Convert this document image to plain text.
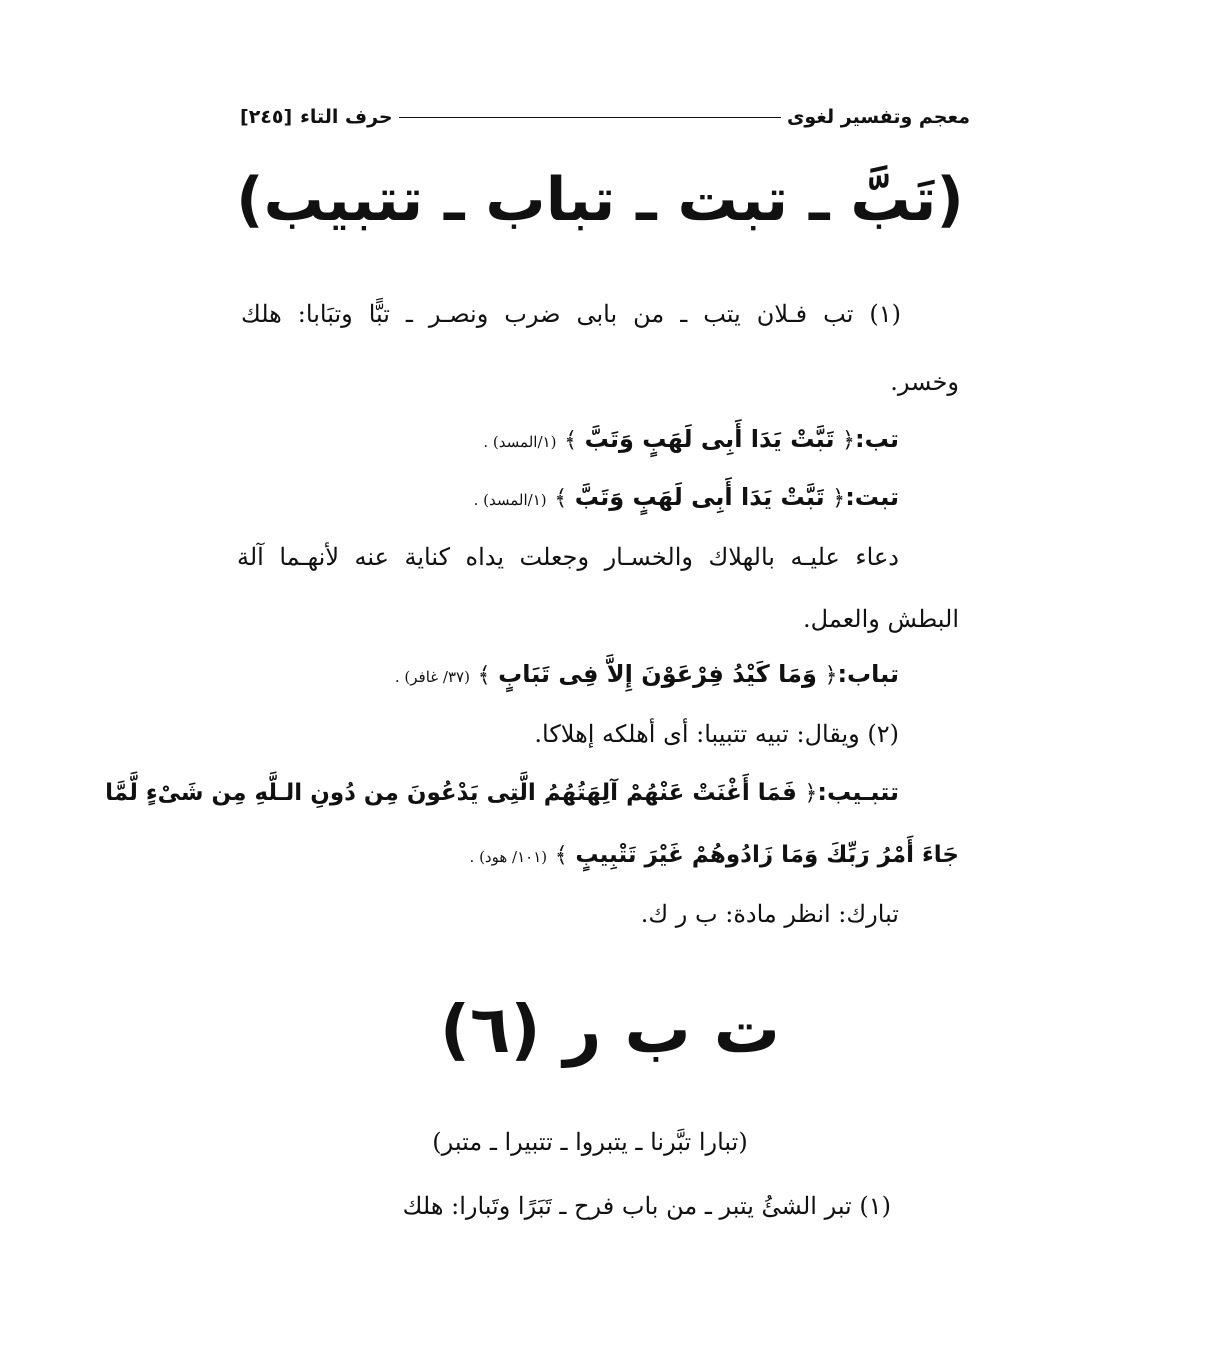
معجم وتفسير لغوى
حرف التاء
[٢٤٥]
(تَبَّ ـ تبت ـ تباب ـ تتبيب)
(١) تب فـلان يتب ـ من بابى ضرب ونصـر ـ تبًّا وتبَابا: هلك
وخسر.
تب:﴿ تَبَّتْ يَدَا أَبِى لَهَبٍ وَتَبَّ ﴾ (١/المسد) .
تبت:﴿ تَبَّتْ يَدَا أَبِى لَهَبٍ وَتَبَّ ﴾ (١/المسد) .
دعاء عليـه بالهلاك والخسـار وجعلت يداه كناية عنه لأنهـما آلة
البطش والعمل.
تباب:﴿ وَمَا كَيْدُ فِرْعَوْنَ إِلاَّ فِى تَبَابٍ ﴾ (٣٧/ غافر) .
(٢) ويقال: تبيه تتبيبا: أى أهلكه إهلاكا.
تتبـيب:﴿ فَمَا أَغْنَتْ عَنْهُمْ آلِهَتُهُمُ الَّتِى يَدْعُونَ مِن دُونِ الـلَّهِ مِن شَىْءٍ لَّمَّا
جَاءَ أَمْرُ رَبِّكَ وَمَا زَادُوهُمْ غَيْرَ تَتْبِيبٍ ﴾ (١٠١/ هود) .
تبارك: انظر مادة: ب ر ك.
ت ب ر (٦)
(تبارا تبَّرنا ـ يتبروا ـ تتبيرا ـ متبر)
(١) تبر الشئُ يتبر ـ من باب فرح ـ تَبَرًا وتَبارا: هلك
